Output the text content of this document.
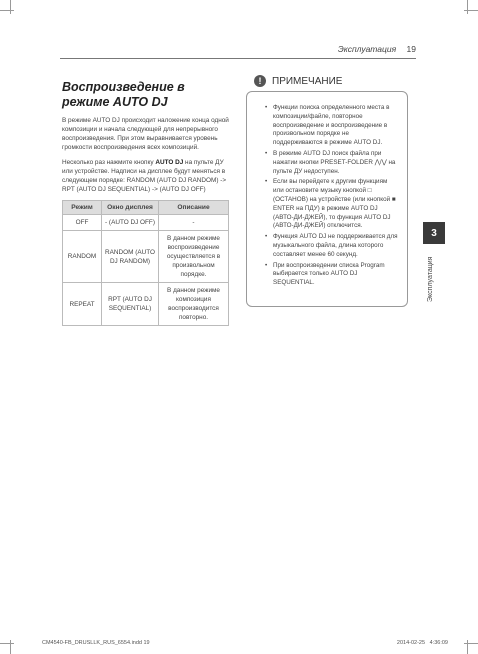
Эксплуатация 19
Воспроизведение в
режиме AUTO DJ

В режиме AUTO DJ происходит наложение конца одной композиции и начала следующей для непрерывного воспроизведения. При этом выравнивается уровень громкости воспроизведения всех композиций.

Несколько раз нажмите кнопку AUTO DJ на пульте ДУ или устройстве. Надписи на дисплее будут меняться в следующем порядке: RANDOM (AUTO DJ RANDOM) -> RPT (AUTO DJ SEQUENTIAL) -> (AUTO DJ OFF)

Режим	Окно дисплея	Описание
OFF	- (AUTO DJ OFF)	-
RANDOM	RANDOM (AUTO DJ RANDOM)	В данном режиме воспроизведение осуществляется в произвольном порядке.
REPEAT	RPT (AUTO DJ SEQUENTIAL)	В данном режиме композиция воспроизводится повторно.
!	ПРИМЕЧАНИЕ
• Функции поиска определенного места в композиции/файле, повторное воспроизведение и воспроизведение в произвольном порядке не поддерживаются в режиме AUTO DJ.
• В режиме AUTO DJ поиск файла при нажатии кнопки PRESET-FOLDER ⋀/⋁ на пульте ДУ недоступен.
• Если вы перейдете к другим функциям или остановите музыку кнопкой □ (ОСТАНОВ) на устройстве (или кнопкой ■ ENTER на ПДУ) в режиме AUTO DJ (АВТО-ДИ-ДЖЕЙ), то функция AUTO DJ (АВТО-ДИ-ДЖЕЙ) отключится.
• Функция AUTO DJ не поддерживается для музыкального файла, длина которого составляет менее 60 секунд.
• При воспроизведении списка Program выбирается только AUTO DJ SEQUENTIAL.
3
Эксплуатация
CM4540-FB_DRUSLLK_RUS_6554.indd 19	2014-02-25 4:36:09
